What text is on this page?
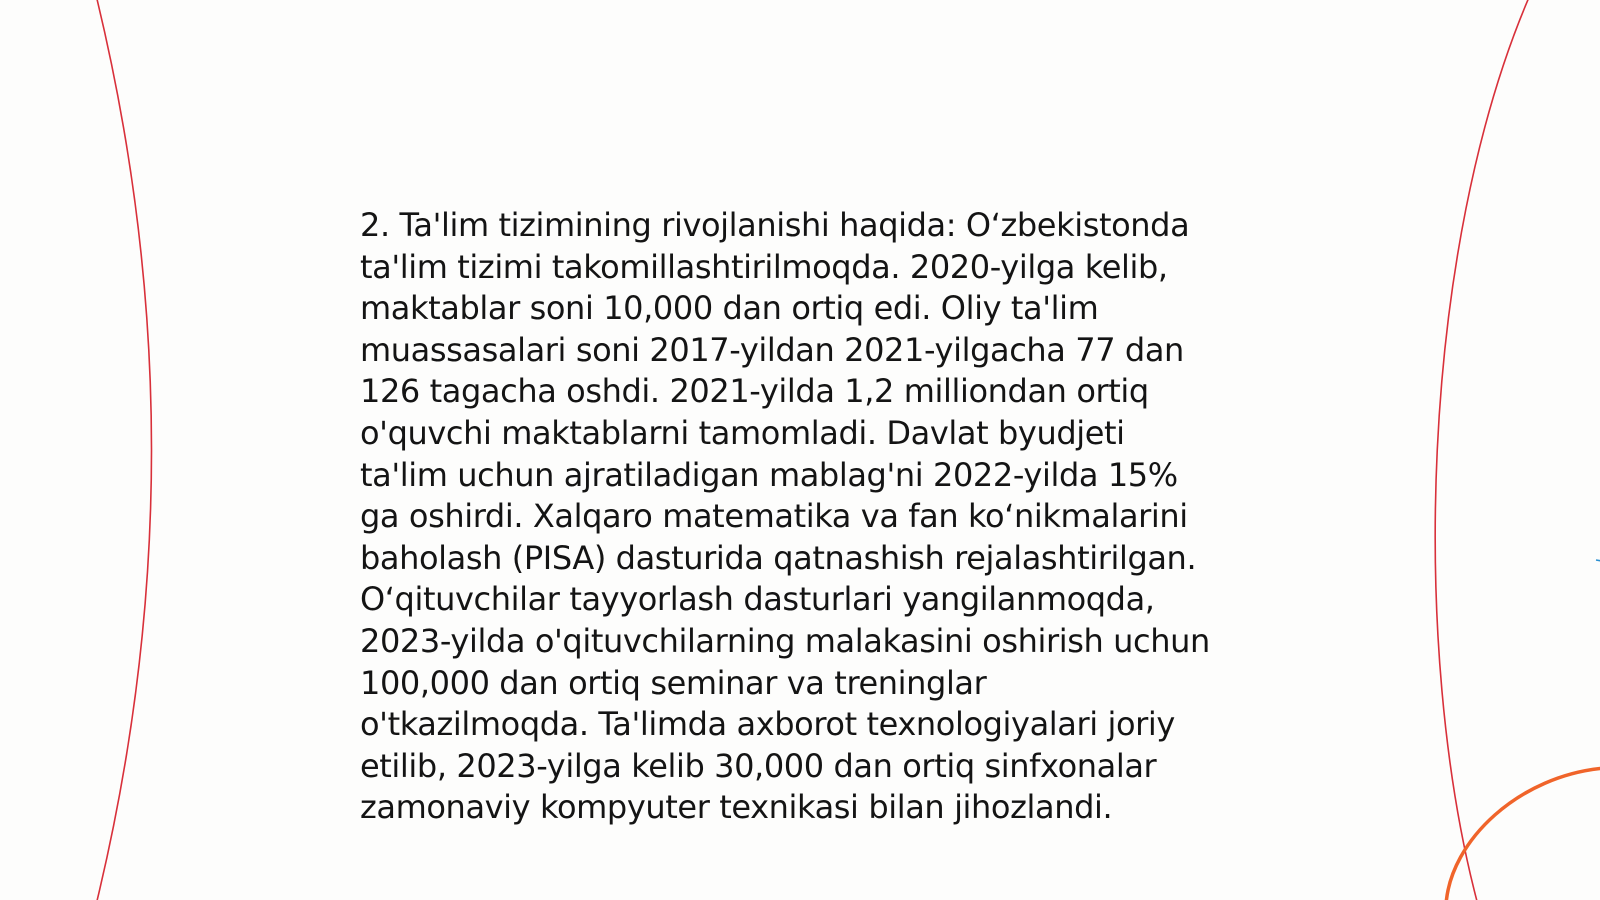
2. Ta'lim tizimining rivojlanishi haqida: O‘zbekistonda
ta'lim tizimi takomillashtirilmoqda. 2020-yilga kelib,
maktablar soni 10,000 dan ortiq edi. Oliy ta'lim
muassasalari soni 2017-yildan 2021-yilgacha 77 dan
126 tagacha oshdi. 2021-yilda 1,2 milliondan ortiq
o'quvchi maktablarni tamomladi. Davlat byudjeti
ta'lim uchun ajratiladigan mablag'ni 2022-yilda 15%
ga oshirdi. Xalqaro matematika va fan ko‘nikmalarini
baholash (PISA) dasturida qatnashish rejalashtirilgan.
O‘qituvchilar tayyorlash dasturlari yangilanmoqda,
2023-yilda o'qituvchilarning malakasini oshirish uchun
100,000 dan ortiq seminar va treninglar
o'tkazilmoqda. Ta'limda axborot texnologiyalari joriy
etilib, 2023-yilga kelib 30,000 dan ortiq sinfxonalar
zamonaviy kompyuter texnikasi bilan jihozlandi.
